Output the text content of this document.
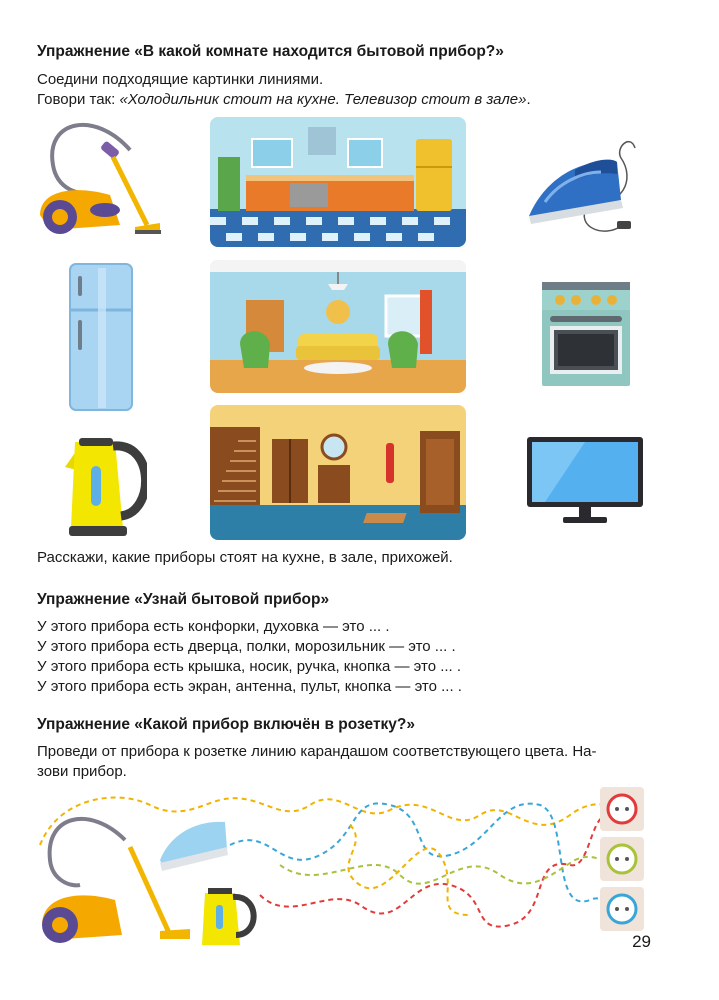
Упражнение «В какой комнате находится бытовой прибор?»
Соедини подходящие картинки линиями.
Говори так: «Холодильник стоит на кухне. Телевизор стоит в зале».
Расскажи, какие приборы стоят на кухне, в зале, прихожей.
Упражнение «Узнай бытовой прибор»
У этого прибора есть конфорки, духовка — это ... .
У этого прибора есть дверца, полки, морозильник — это ... .
У этого прибора есть крышка, носик, ручка, кнопка — это ... .
У этого прибора есть экран, антенна, пульт, кнопка — это ... .
Упражнение «Какой прибор включён в розетку?»
Проведи от прибора к розетке линию карандашом соответствующего цвета. На-
зови прибор.
29
